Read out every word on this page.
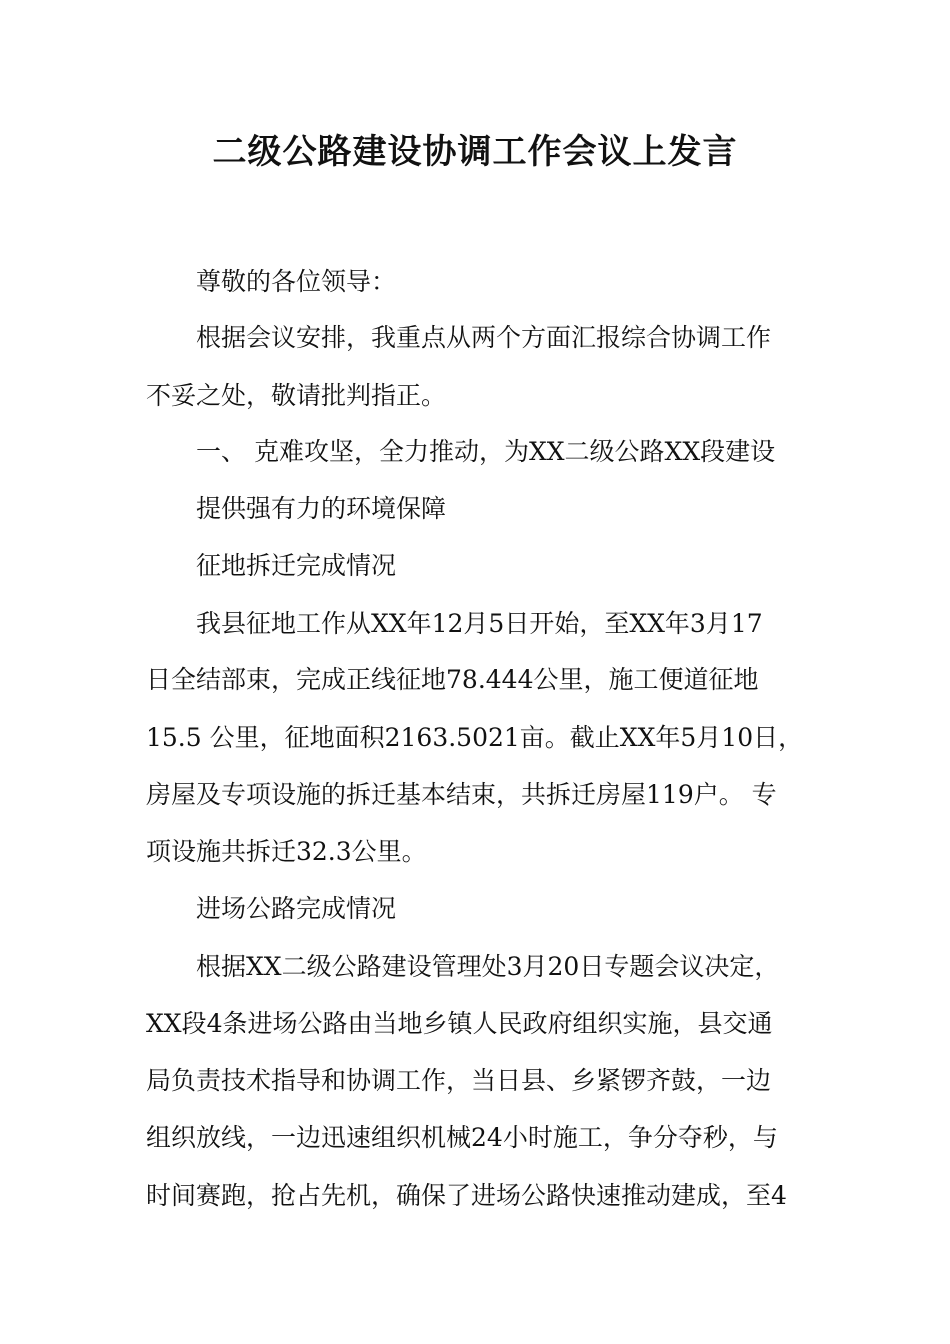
二级公路建设协调工作会议上发言

尊敬的各位领导：

根据会议安排，我重点从两个方面汇报综合协调工作

不妥之处，敬请批判指正。

一、 克难攻坚，全力推动，为XX二级公路XX段建设

提供强有力的环境保障

征地拆迁完成情况

我县征地工作从XX年12月5日开始，至XX年3月17

日全结部束，完成正线征地78.444公里，施工便道征地

15.5 公里，征地面积2163.5021亩。截止XX年5月10日，

房屋及专项设施的拆迁基本结束，共拆迁房屋119户。 专

项设施共拆迁32.3公里。

进场公路完成情况

根据XX二级公路建设管理处3月20日专题会议决定，

XX段4条进场公路由当地乡镇人民政府组织实施，县交通

局负责技术指导和协调工作，当日县、乡紧锣齐鼓，一边

组织放线，一边迅速组织机械24小时施工，争分夺秒，与

时间赛跑，抢占先机，确保了进场公路快速推动建成，至4
